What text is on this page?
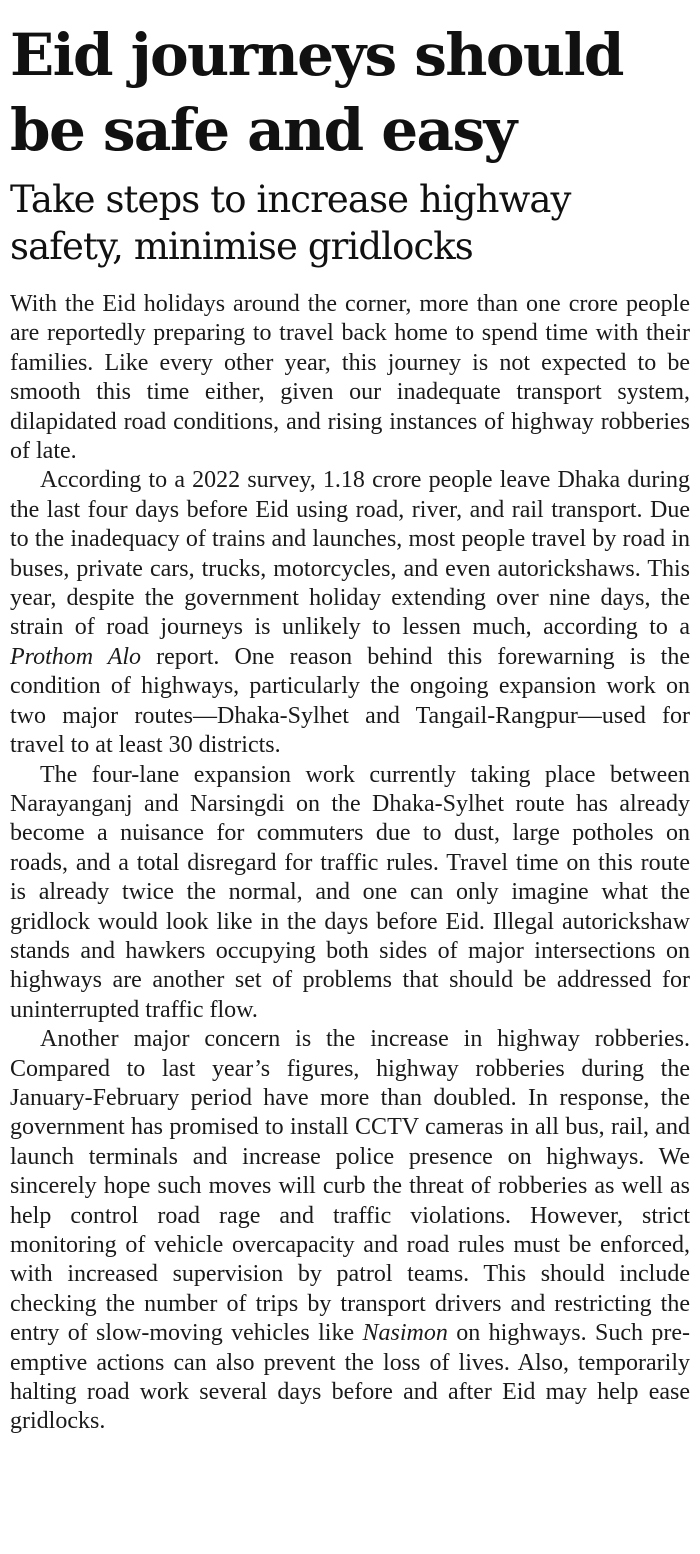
Eid journeys should be safe and easy
Take steps to increase highway safety, minimise gridlocks

With the Eid holidays around the corner, more than one crore people are reportedly preparing to travel back home to spend time with their families. Like every other year, this journey is not expected to be smooth this time either, given our inadequate transport system, dilapidated road conditions, and rising instances of highway robberies of late.

According to a 2022 survey, 1.18 crore people leave Dhaka during the last four days before Eid using road, river, and rail transport. Due to the inadequacy of trains and launches, most people travel by road in buses, private cars, trucks, motorcycles, and even autorickshaws. This year, despite the government holiday extending over nine days, the strain of road journeys is unlikely to lessen much, according to a Prothom Alo report. One reason behind this forewarning is the condition of highways, particularly the ongoing expansion work on two major routes—Dhaka-Sylhet and Tangail-Rangpur—used for travel to at least 30 districts.

The four-lane expansion work currently taking place between Narayanganj and Narsingdi on the Dhaka-Sylhet route has already become a nuisance for commuters due to dust, large potholes on roads, and a total disregard for traffic rules. Travel time on this route is already twice the normal, and one can only imagine what the gridlock would look like in the days before Eid. Illegal autorickshaw stands and hawkers occupying both sides of major intersections on highways are another set of problems that should be addressed for uninterrupted traffic flow.

Another major concern is the increase in highway robberies. Compared to last year’s figures, highway robberies during the January-February period have more than doubled. In response, the government has promised to install CCTV cameras in all bus, rail, and launch terminals and increase police presence on highways. We sincerely hope such moves will curb the threat of robberies as well as help control road rage and traffic violations. However, strict monitoring of vehicle overcapacity and road rules must be enforced, with increased supervision by patrol teams. This should include checking the number of trips by transport drivers and restricting the entry of slow-moving vehicles like Nasimon on highways. Such pre-emptive actions can also prevent the loss of lives. Also, temporarily halting road work several days before and after Eid may help ease gridlocks.
